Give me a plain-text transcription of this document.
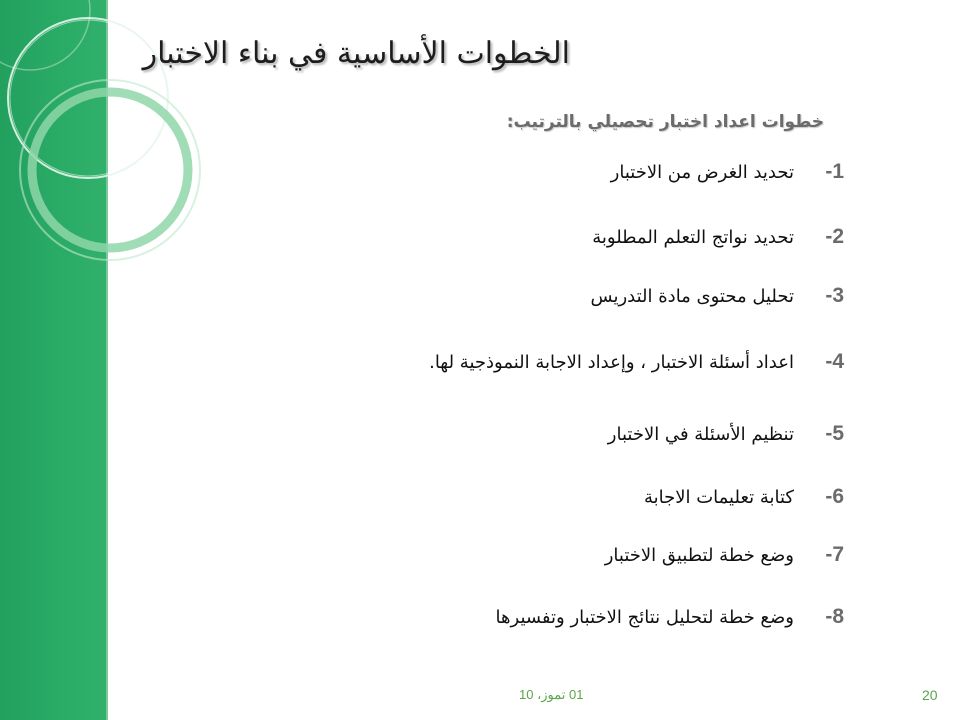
الخطوات الأساسية في بناء الاختبار
خطوات اعداد اختبار تحصيلي بالترتيب:
1-
تحديد الغرض من الاختبار
2-
تحديد نواتج التعلم المطلوبة
3-
تحليل محتوى مادة التدريس
4-
اعداد أسئلة الاختبار ، وإعداد الاجابة النموذجية لها.
5-
تنظيم الأسئلة في الاختبار
6-
كتابة تعليمات الاجابة
7-
وضع خطة لتطبيق الاختبار
8-
وضع خطة لتحليل نتائج الاختبار وتفسيرها
01 تموز، 10	20
